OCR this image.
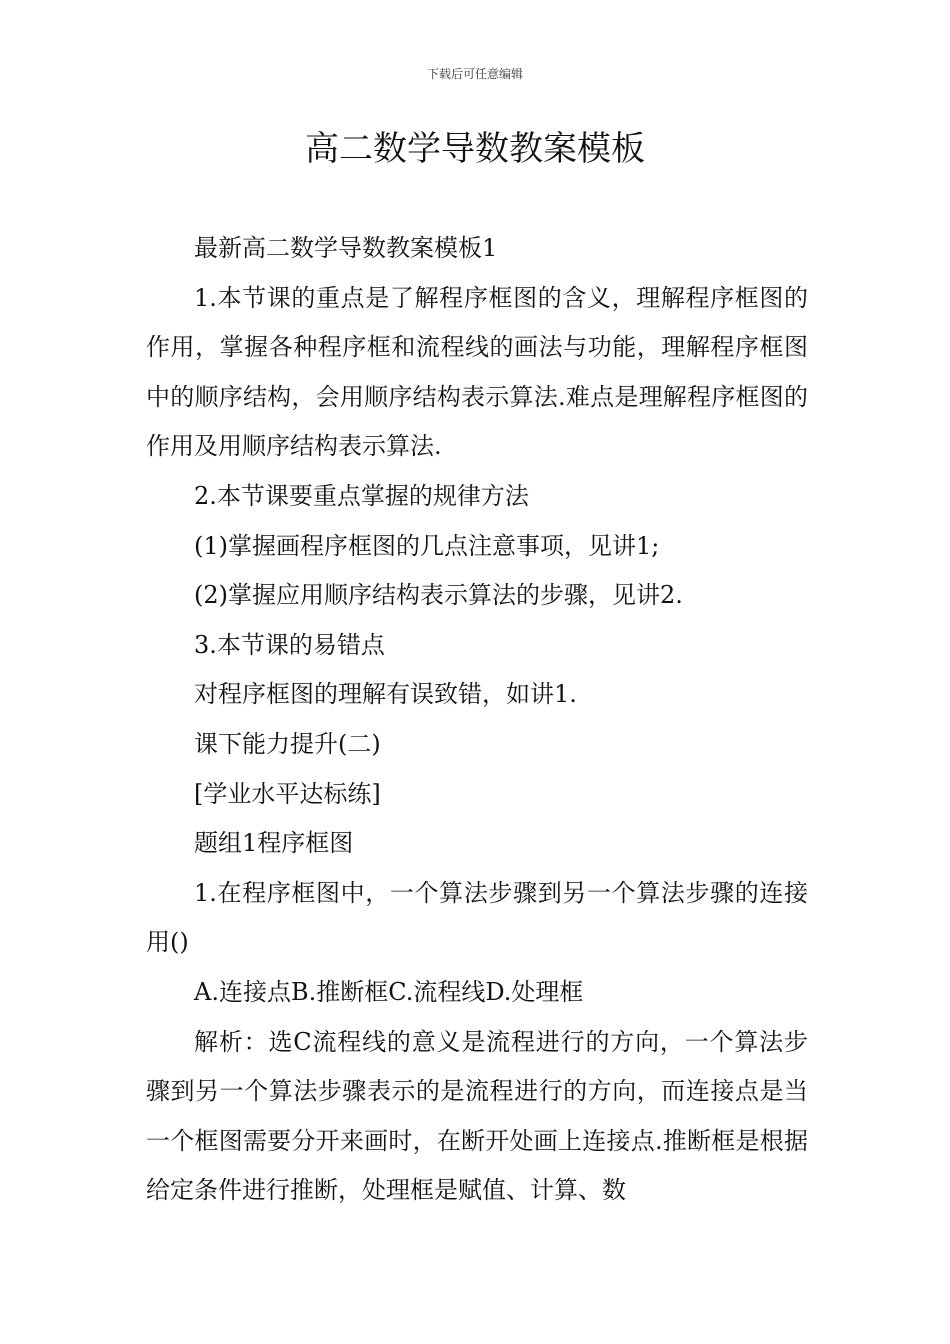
下载后可任意编辑
高二数学导数教案模板

最新高二数学导数教案模板1

1.本节课的重点是了解程序框图的含义，理解程序框图的作用，掌握各种程序框和流程线的画法与功能，理解程序框图中的顺序结构，会用顺序结构表示算法.难点是理解程序框图的作用及用顺序结构表示算法.

2.本节课要重点掌握的规律方法

(1)掌握画程序框图的几点注意事项，见讲1;

(2)掌握应用顺序结构表示算法的步骤，见讲2.

3.本节课的易错点

对程序框图的理解有误致错，如讲1.

课下能力提升(二)

[学业水平达标练]

题组1程序框图

1.在程序框图中，一个算法步骤到另一个算法步骤的连接用()

A.连接点B.推断框C.流程线D.处理框

解析：选C流程线的意义是流程进行的方向，一个算法步骤到另一个算法步骤表示的是流程进行的方向，而连接点是当一个框图需要分开来画时，在断开处画上连接点.推断框是根据给定条件进行推断，处理框是赋值、计算、数
